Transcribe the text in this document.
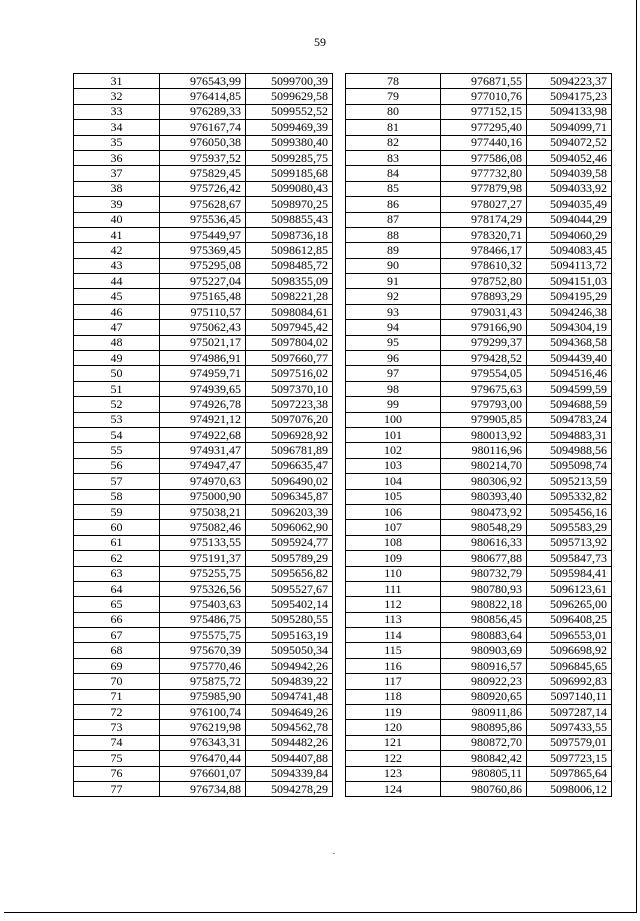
59
31	976543,99	5099700,39
32	976414,85	5099629,58
33	976289,33	5099552,52
34	976167,74	5099469,39
35	976050,38	5099380,40
36	975937,52	5099285,75
37	975829,45	5099185,68
38	975726,42	5099080,43
39	975628,67	5098970,25
40	975536,45	5098855,43
41	975449,97	5098736,18
42	975369,45	5098612,85
43	975295,08	5098485,72
44	975227,04	5098355,09
45	975165,48	5098221,28
46	975110,57	5098084,61
47	975062,43	5097945,42
48	975021,17	5097804,02
49	974986,91	5097660,77
50	974959,71	5097516,02
51	974939,65	5097370,10
52	974926,78	5097223,38
53	974921,12	5097076,20
54	974922,68	5096928,92
55	974931,47	5096781,89
56	974947,47	5096635,47
57	974970,63	5096490,02
58	975000,90	5096345,87
59	975038,21	5096203,39
60	975082,46	5096062,90
61	975133,55	5095924,77
62	975191,37	5095789,29
63	975255,75	5095656,82
64	975326,56	5095527,67
65	975403,63	5095402,14
66	975486,75	5095280,55
67	975575,75	5095163,19
68	975670,39	5095050,34
69	975770,46	5094942,26
70	975875,72	5094839,22
71	975985,90	5094741,48
72	976100,74	5094649,26
73	976219,98	5094562,78
74	976343,31	5094482,26
75	976470,44	5094407,88
76	976601,07	5094339,84
77	976734,88	5094278,29
78	976871,55	5094223,37
79	977010,76	5094175,23
80	977152,15	5094133,98
81	977295,40	5094099,71
82	977440,16	5094072,52
83	977586,08	5094052,46
84	977732,80	5094039,58
85	977879,98	5094033,92
86	978027,27	5094035,49
87	978174,29	5094044,29
88	978320,71	5094060,29
89	978466,17	5094083,45
90	978610,32	5094113,72
91	978752,80	5094151,03
92	978893,29	5094195,29
93	979031,43	5094246,38
94	979166,90	5094304,19
95	979299,37	5094368,58
96	979428,52	5094439,40
97	979554,05	5094516,46
98	979675,63	5094599,59
99	979793,00	5094688,59
100	979905,85	5094783,24
101	980013,92	5094883,31
102	980116,96	5094988,56
103	980214,70	5095098,74
104	980306,92	5095213,59
105	980393,40	5095332,82
106	980473,92	5095456,16
107	980548,29	5095583,29
108	980616,33	5095713,92
109	980677,88	5095847,73
110	980732,79	5095984,41
111	980780,93	5096123,61
112	980822,18	5096265,00
113	980856,45	5096408,25
114	980883,64	5096553,01
115	980903,69	5096698,92
116	980916,57	5096845,65
117	980922,23	5096992,83
118	980920,65	5097140,11
119	980911,86	5097287,14
120	980895,86	5097433,55
121	980872,70	5097579,01
122	980842,42	5097723,15
123	980805,11	5097865,64
124	980760,86	5098006,12
